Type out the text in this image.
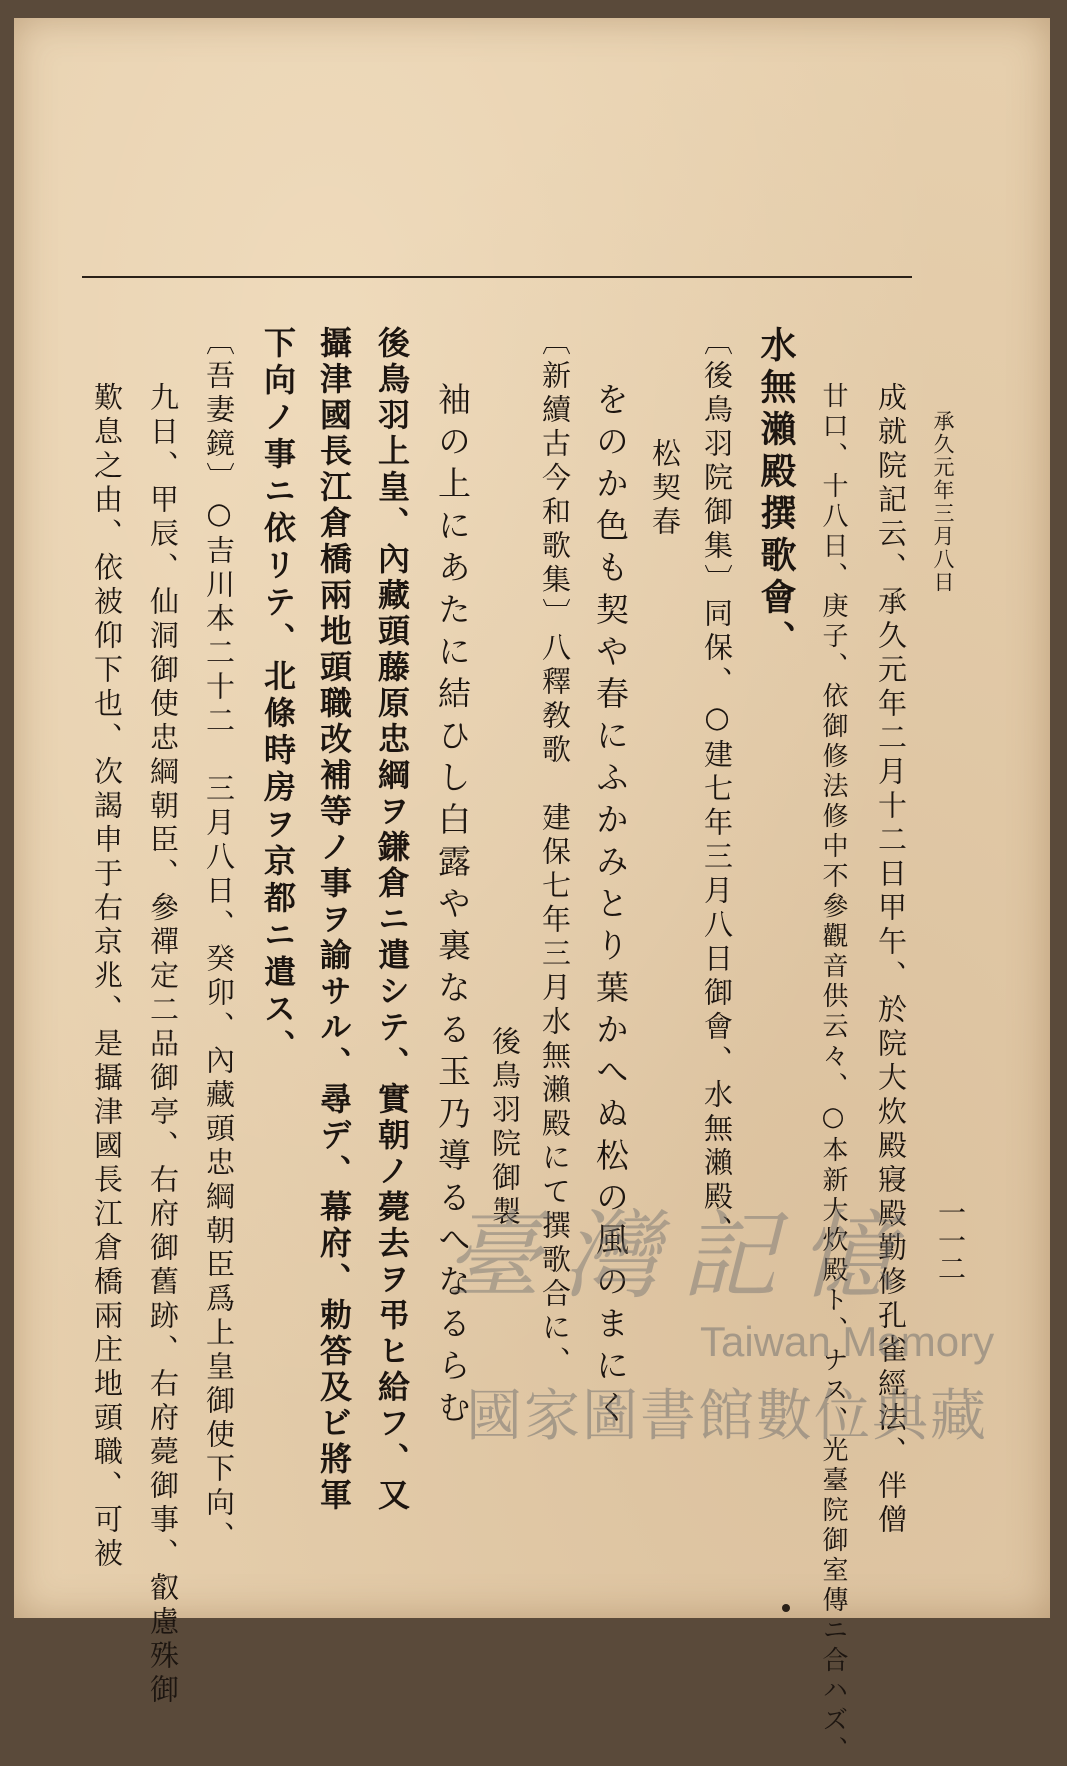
承久元年三月八日
一一二
成就院記云、承久元年二月十二日甲午、於院大炊殿寢殿勤修孔雀經法、伴僧
廿口、十八日、庚子、依御修法修中不參觀音供云々、○本新大炊殿ト、ナス、光臺院御室傳ニ合ハズ、
水無瀨殿撰歌會、
〔後鳥羽院御集〕同保、○建七年三月八日御會、水無瀨殿、
松契春
をのか色も契や春にふかみとり葉かへぬ松の風のまにく
〔新續古今和歌集〕八釋敎歌　建保七年三月水無瀨殿にて撰歌合に、
後鳥羽院御製
袖の上にあたに結ひし白露や裏なる玉乃導るへなるらむ
後鳥羽上皇、內藏頭藤原忠綱ヲ鎌倉ニ遣シテ、實朝ノ薨去ヲ弔ヒ給フ、又
攝津國長江倉橋兩地頭職改補等ノ事ヲ諭サル、尋デ、幕府、勅答及ビ將軍
下向ノ事ニ依リテ、北條時房ヲ京都ニ遣ス、
〔吾妻鏡〕○吉川本二十二　三月八日、癸卯、內藏頭忠綱朝臣爲上皇御使下向、
九日、甲辰、仙洞御使忠綱朝臣、參禪定二品御亭、右府御舊跡、右府薨御事、叡慮殊御
歎息之由、依被仰下也、次謁申于右京兆、是攝津國長江倉橋兩庄地頭職、可被	臺灣記憶
Taiwan Memory
國家圖書館數位典藏
